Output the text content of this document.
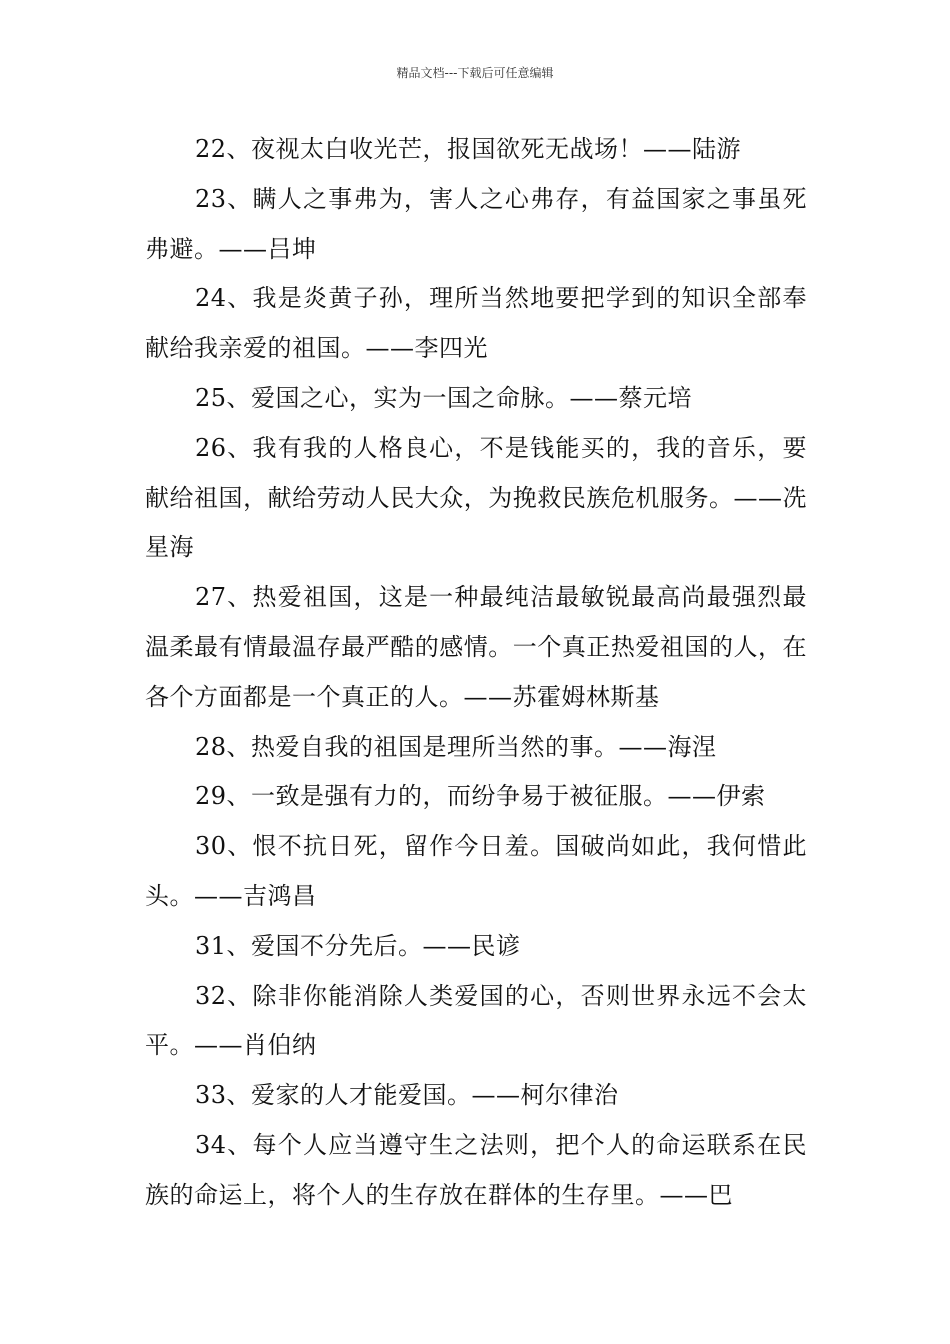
精品文档---下载后可任意编辑

22、夜视太白收光芒，报国欲死无战场！——陆游

23、瞒人之事弗为，害人之心弗存，有益国家之事虽死弗避。——吕坤

24、我是炎黄子孙，理所当然地要把学到的知识全部奉献给我亲爱的祖国。——李四光

25、爱国之心，实为一国之命脉。——蔡元培

26、我有我的人格良心，不是钱能买的，我的音乐，要献给祖国，献给劳动人民大众，为挽救民族危机服务。——冼星海

27、热爱祖国，这是一种最纯洁最敏锐最高尚最强烈最温柔最有情最温存最严酷的感情。一个真正热爱祖国的人，在各个方面都是一个真正的人。——苏霍姆林斯基

28、热爱自我的祖国是理所当然的事。——海涅

29、一致是强有力的，而纷争易于被征服。——伊索

30、恨不抗日死，留作今日羞。国破尚如此，我何惜此头。——吉鸿昌

31、爱国不分先后。——民谚

32、除非你能消除人类爱国的心，否则世界永远不会太平。——肖伯纳

33、爱家的人才能爱国。——柯尔律治

34、每个人应当遵守生之法则，把个人的命运联系在民族的命运上，将个人的生存放在群体的生存里。——巴
